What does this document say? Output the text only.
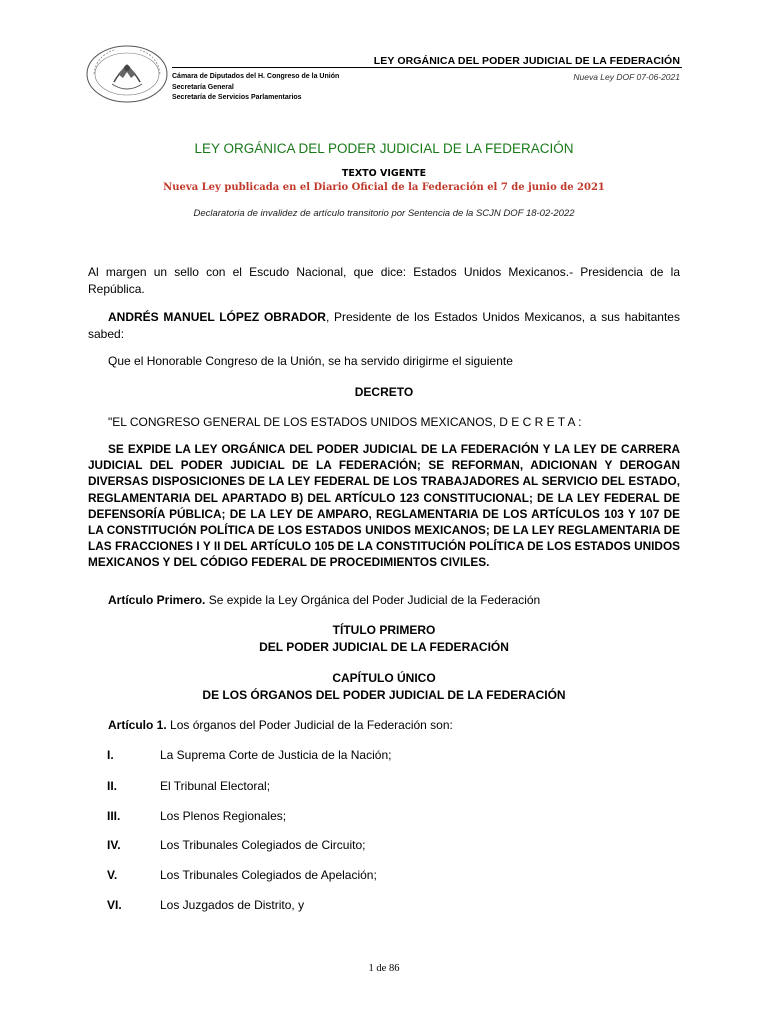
LEY ORGÁNICA DEL PODER JUDICIAL DE LA FEDERACIÓN
Cámara de Diputados del H. Congreso de la Unión
Secretaría General
Secretaría de Servicios Parlamentarios
Nueva Ley DOF 07-06-2021
LEY ORGÁNICA DEL PODER JUDICIAL DE LA FEDERACIÓN
TEXTO VIGENTE
Nueva Ley publicada en el Diario Oficial de la Federación el 7 de junio de 2021
Declaratoria de invalidez de artículo transitorio por Sentencia de la SCJN DOF 18-02-2022
Al margen un sello con el Escudo Nacional, que dice: Estados Unidos Mexicanos.- Presidencia de la República.
ANDRÉS MANUEL LÓPEZ OBRADOR, Presidente de los Estados Unidos Mexicanos, a sus habitantes sabed:
Que el Honorable Congreso de la Unión, se ha servido dirigirme el siguiente
DECRETO
"EL CONGRESO GENERAL DE LOS ESTADOS UNIDOS MEXICANOS, D E C R E T A :
SE EXPIDE LA LEY ORGÁNICA DEL PODER JUDICIAL DE LA FEDERACIÓN Y LA LEY DE CARRERA JUDICIAL DEL PODER JUDICIAL DE LA FEDERACIÓN; SE REFORMAN, ADICIONAN Y DEROGAN DIVERSAS DISPOSICIONES DE LA LEY FEDERAL DE LOS TRABAJADORES AL SERVICIO DEL ESTADO, REGLAMENTARIA DEL APARTADO B) DEL ARTÍCULO 123 CONSTITUCIONAL; DE LA LEY FEDERAL DE DEFENSORÍA PÚBLICA; DE LA LEY DE AMPARO, REGLAMENTARIA DE LOS ARTÍCULOS 103 Y 107 DE LA CONSTITUCIÓN POLÍTICA DE LOS ESTADOS UNIDOS MEXICANOS; DE LA LEY REGLAMENTARIA DE LAS FRACCIONES I Y II DEL ARTÍCULO 105 DE LA CONSTITUCIÓN POLÍTICA DE LOS ESTADOS UNIDOS MEXICANOS Y DEL CÓDIGO FEDERAL DE PROCEDIMIENTOS CIVILES.
Artículo Primero. Se expide la Ley Orgánica del Poder Judicial de la Federación
TÍTULO PRIMERO
DEL PODER JUDICIAL DE LA FEDERACIÓN
CAPÍTULO ÚNICO
DE LOS ÓRGANOS DEL PODER JUDICIAL DE LA FEDERACIÓN
Artículo 1. Los órganos del Poder Judicial de la Federación son:
I.	La Suprema Corte de Justicia de la Nación;
II.	El Tribunal Electoral;
III.	Los Plenos Regionales;
IV.	Los Tribunales Colegiados de Circuito;
V.	Los Tribunales Colegiados de Apelación;
VI.	Los Juzgados de Distrito, y
1 de 86
